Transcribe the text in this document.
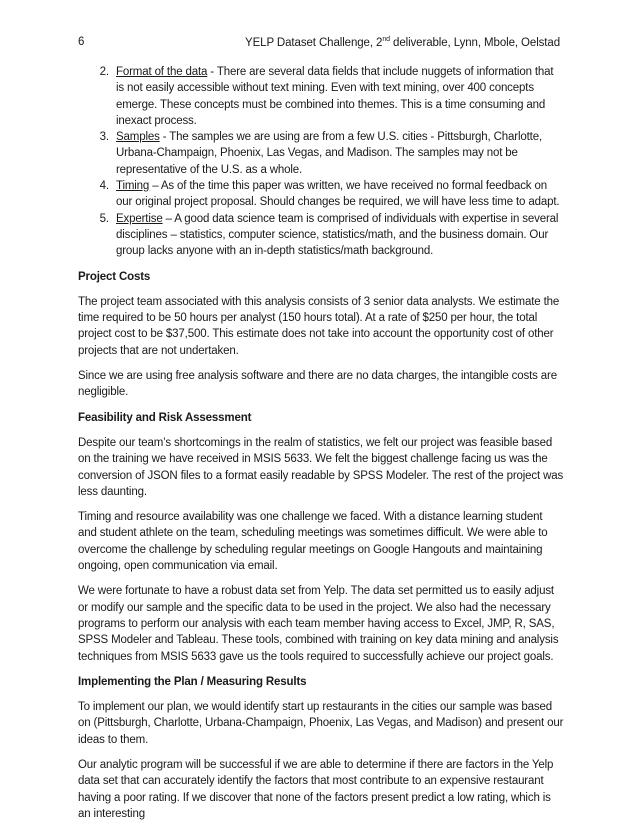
6	YELP Dataset Challenge, 2nd deliverable, Lynn, Mbole, Oelstad
2. Format of the data - There are several data fields that include nuggets of information that is not easily accessible without text mining. Even with text mining, over 400 concepts emerge. These concepts must be combined into themes. This is a time consuming and inexact process.
3. Samples - The samples we are using are from a few U.S. cities - Pittsburgh, Charlotte, Urbana-Champaign, Phoenix, Las Vegas, and Madison. The samples may not be representative of the U.S. as a whole.
4. Timing – As of the time this paper was written, we have received no formal feedback on our original project proposal. Should changes be required, we will have less time to adapt.
5. Expertise – A good data science team is comprised of individuals with expertise in several disciplines – statistics, computer science, statistics/math, and the business domain. Our group lacks anyone with an in-depth statistics/math background.
Project Costs

The project team associated with this analysis consists of 3 senior data analysts. We estimate the time required to be 50 hours per analyst (150 hours total). At a rate of $250 per hour, the total project cost to be $37,500. This estimate does not take into account the opportunity cost of other projects that are not undertaken.

Since we are using free analysis software and there are no data charges, the intangible costs are negligible.

Feasibility and Risk Assessment

Despite our team’s shortcomings in the realm of statistics, we felt our project was feasible based on the training we have received in MSIS 5633. We felt the biggest challenge facing us was the conversion of JSON files to a format easily readable by SPSS Modeler. The rest of the project was less daunting.

Timing and resource availability was one challenge we faced. With a distance learning student and student athlete on the team, scheduling meetings was sometimes difficult. We were able to overcome the challenge by scheduling regular meetings on Google Hangouts and maintaining ongoing, open communication via email.

We were fortunate to have a robust data set from Yelp. The data set permitted us to easily adjust or modify our sample and the specific data to be used in the project. We also had the necessary programs to perform our analysis with each team member having access to Excel, JMP, R, SAS, SPSS Modeler and Tableau. These tools, combined with training on key data mining and analysis techniques from MSIS 5633 gave us the tools required to successfully achieve our project goals.

Implementing the Plan / Measuring Results

To implement our plan, we would identify start up restaurants in the cities our sample was based on (Pittsburgh, Charlotte, Urbana-Champaign, Phoenix, Las Vegas, and Madison) and present our ideas to them.

Our analytic program will be successful if we are able to determine if there are factors in the Yelp data set that can accurately identify the factors that most contribute to an expensive restaurant having a poor rating. If we discover that none of the factors present predict a low rating, which is an interesting
